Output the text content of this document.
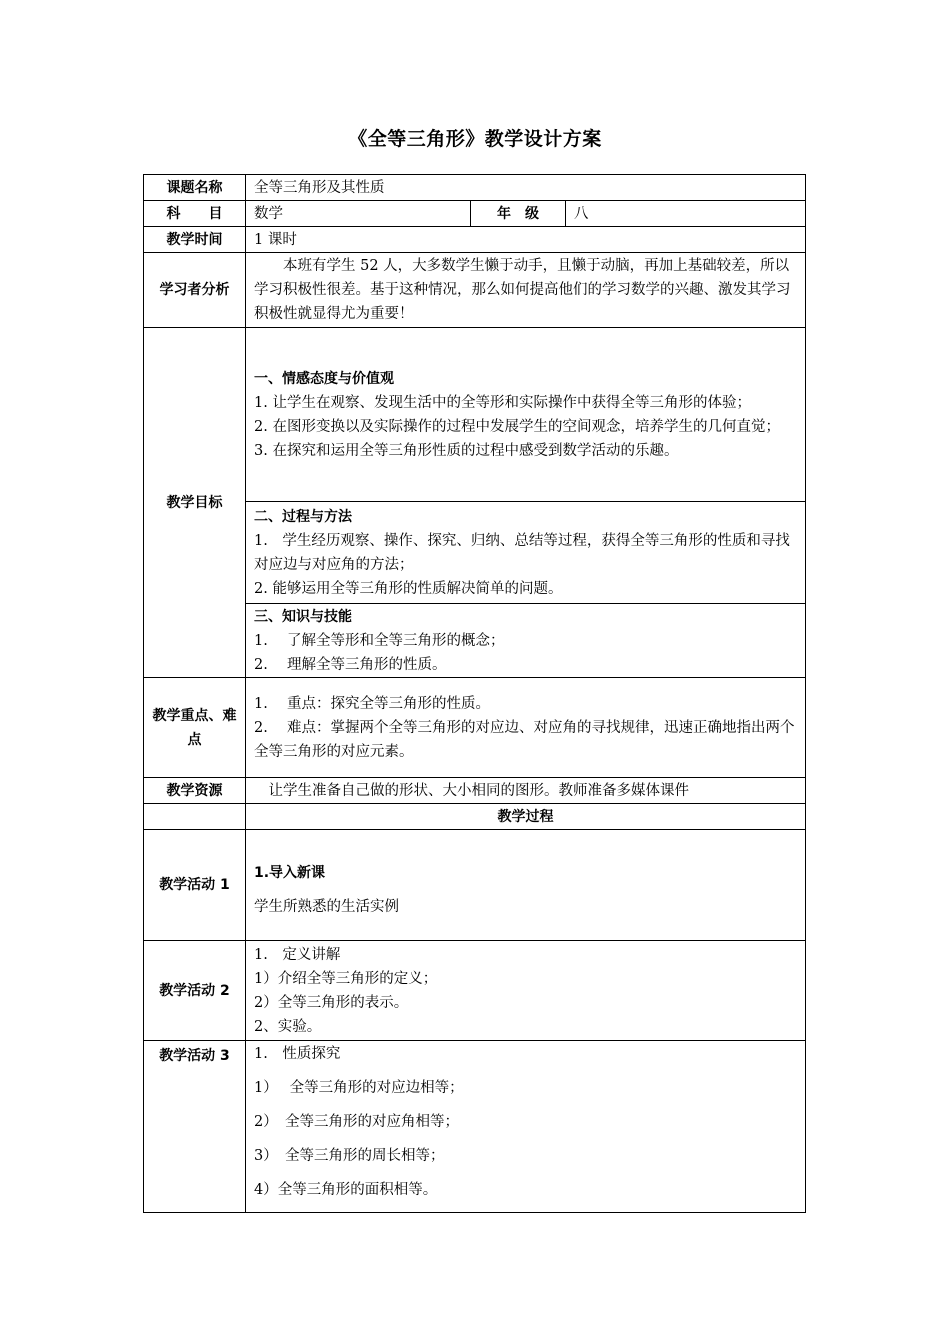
《全等三角形》教学设计方案
课题名称	全等三角形及其性质		
科　　目	数学	年　级	八
教学时间	1 课时		
学习者分析	本班有学生 52 人，大多数学生懒于动手，且懒于动脑，再加上基础较差，所以学习积极性很差。基于这种情况，那么如何提高他们的学习数学的兴趣、激发其学习积极性就显得尤为重要！		
教学目标	一、情感态度与价值观
1. 让学生在观察、发现生活中的全等形和实际操作中获得全等三角形的体验；
2. 在图形变换以及实际操作的过程中发展学生的空间观念，培养学生的几何直觉；
3. 在探究和运用全等三角形性质的过程中感受到数学活动的乐趣。		

	二、过程与方法
1.　学生经历观察、操作、探究、归纳、总结等过程，获得全等三角形的性质和寻找对应边与对应角的方法；
2. 能够运用全等三角形的性质解决简单的问题。		

	三、知识与技能
1.　 了解全等形和全等三角形的概念；
2.　 理解全等三角形的性质。		

教学重点、难点	1.　 重点：探究全等三角形的性质。
2.　 难点：掌握两个全等三角形的对应边、对应角的寻找规律，迅速正确地指出两个全等三角形的对应元素。		

教学资源	让学生准备自己做的形状、大小相同的图形。教师准备多媒体课件		
	教学过程		
教学活动 1	1.导入新课
学生所熟悉的生活实例		

教学活动 2	1.　定义讲解
1）介绍全等三角形的定义；
2）全等三角形的表示。
2、实验。		

教学活动 3	1.　性质探究
1）　 全等三角形的对应边相等；
2）　全等三角形的对应角相等；
3）　全等三角形的周长相等；
4）全等三角形的面积相等。		
